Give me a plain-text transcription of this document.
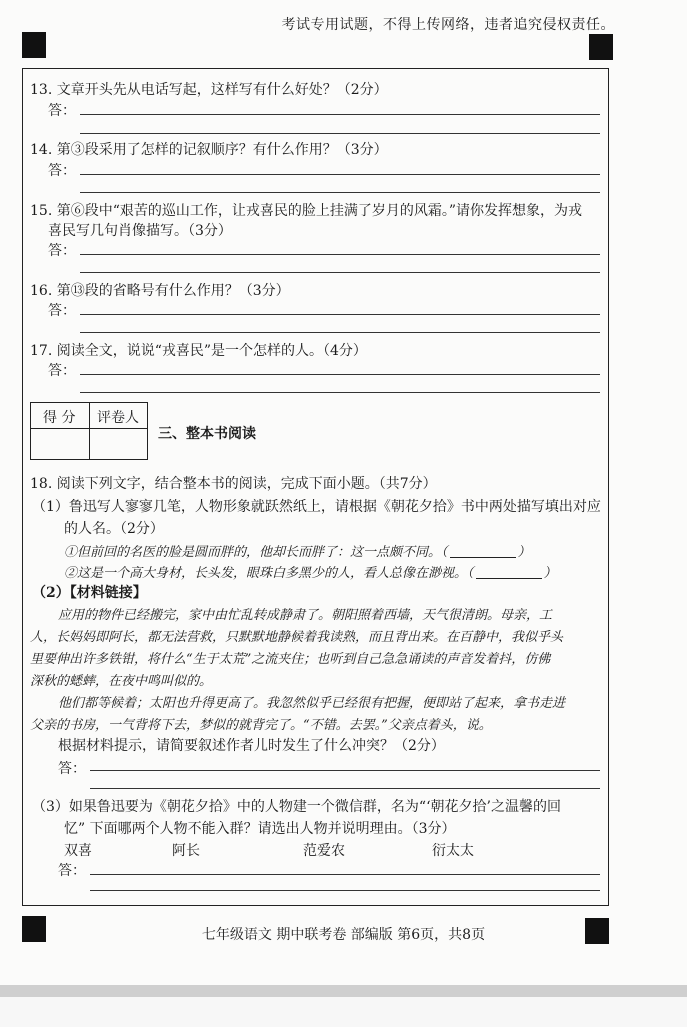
考试专用试题，不得上传网络，违者追究侵权责任。
13. 文章开头先从电话写起，这样写有什么好处？（2分）
答：
14. 第③段采用了怎样的记叙顺序？有什么作用？（3分）
答：
15. 第⑥段中“艰苦的巡山工作，让戎喜民的脸上挂满了岁月的风霜。”请你发挥想象，为戎
喜民写几句肖像描写。（3分）
答：
16. 第⑬段的省略号有什么作用？（3分）
答：
17. 阅读全文，说说“戎喜民”是一个怎样的人。（4分）
答：
得 分 评卷人
三、整本书阅读
18. 阅读下列文字，结合整本书的阅读，完成下面小题。（共7分）
（1）鲁迅写人寥寥几笔，人物形象就跃然纸上，请根据《朝花夕拾》书中两处描写填出对应
的人名。（2分）
①但前回的名医的脸是圆而胖的，他却长而胖了：这一点颇不同。（	）
②这是一个高大身材，长头发，眼珠白多黑少的人，看人总像在渺视。（	）
（2）【材料链接】
应用的物件已经搬完，家中由忙乱转成静肃了。朝阳照着西墙，天气很清朗。母亲，工
人，长妈妈即阿长，都无法营救，只默默地静候着我读熟，而且背出来。在百静中，我似乎头
里要伸出许多铁钳，将什么“生于太荒”之流夹住；也听到自己急急诵读的声音发着抖，仿佛
深秋的蟋蟀，在夜中鸣叫似的。
他们都等候着；太阳也升得更高了。我忽然似乎已经很有把握，便即站了起来，拿书走进
父亲的书房，一气背将下去，梦似的就背完了。“不错。去罢。”父亲点着头，说。
根据材料提示，请简要叙述作者儿时发生了什么冲突？（2分）
答：
（3）如果鲁迅要为《朝花夕拾》中的人物建一个微信群，名为“‘朝花夕拾’之温馨的回
忆” 下面哪两个人物不能入群？请选出人物并说明理由。（3分）
双喜	阿长	范爱农	衍太太
答：
七年级语文 期中联考卷 部编版 第6页，共8页
